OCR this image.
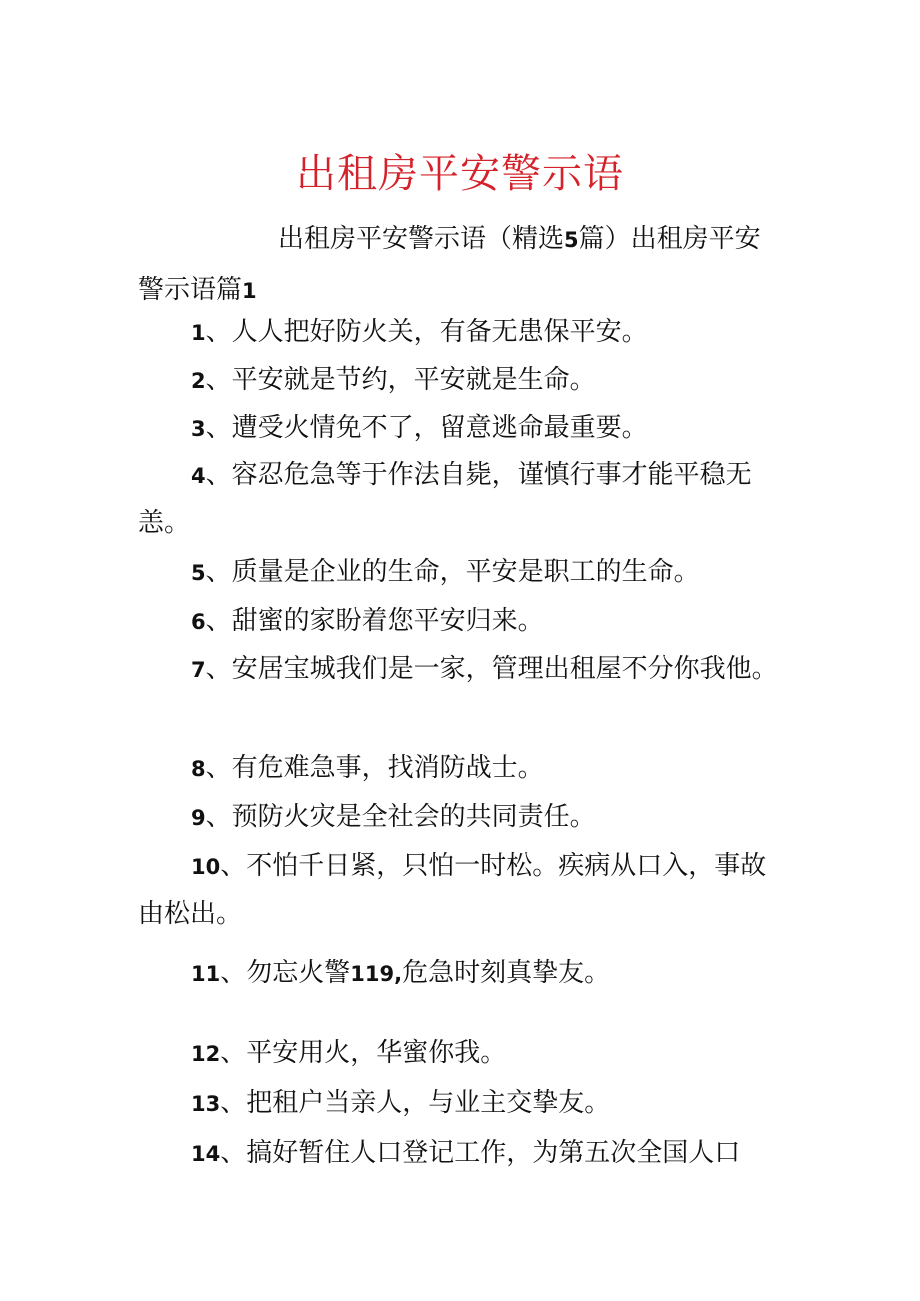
出租房平安警示语

出租房平安警示语（精选5篇）出租房平安警示语篇1

1、人人把好防火关，有备无患保平安。

2、平安就是节约，平安就是生命。

3、遭受火情免不了，留意逃命最重要。

4、容忍危急等于作法自毙，谨慎行事才能平稳无恙。

5、质量是企业的生命，平安是职工的生命。

6、甜蜜的家盼着您平安归来。

7、安居宝城我们是一家，管理出租屋不分你我他。

8、有危难急事，找消防战士。

9、预防火灾是全社会的共同责任。

10、不怕千日紧，只怕一时松。疾病从口入，事故由松出。

11、勿忘火警119,危急时刻真挚友。

12、平安用火，华蜜你我。

13、把租户当亲人，与业主交挚友。

14、搞好暂住人口登记工作，为第五次全国人口
